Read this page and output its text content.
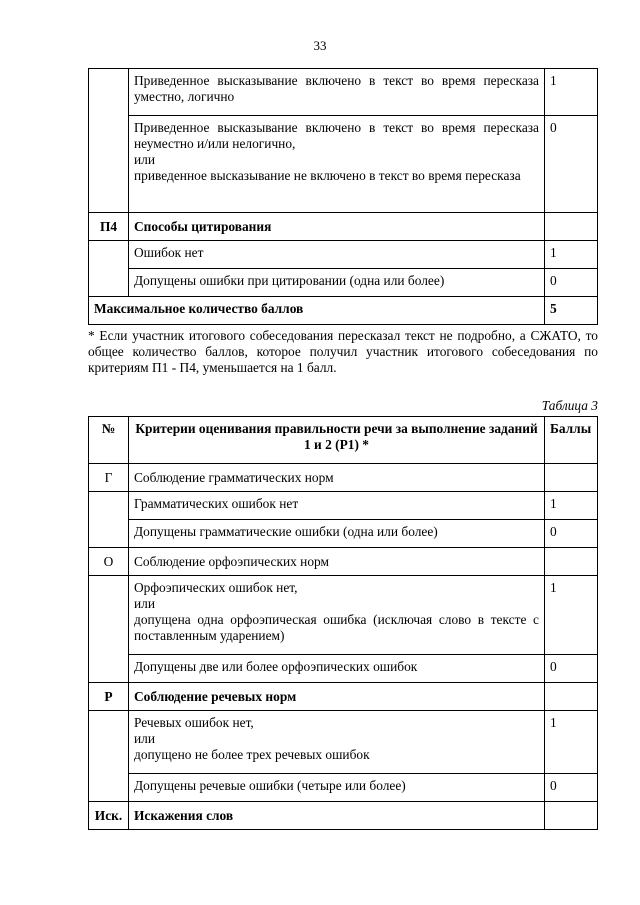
33
	Приведенное высказывание включено в текст во время пересказа уместно, логично	1
	Приведенное высказывание включено в текст во время пересказа неуместно и/или нелогично,
или
приведенное высказывание не включено в текст во время пересказа	0
П4	Способы цитирования	
	Ошибок нет	1
	Допущены ошибки при цитировании (одна или более)	0
Максимальное количество баллов		5
* Если участник итогового собеседования пересказал текст не подробно, а СЖАТО, то общее количество баллов, которое получил участник итогового собеседования по критериям П1 - П4, уменьшается на 1 балл.
Таблица 3
№	Критерии оценивания правильности речи за выполнение заданий 1 и 2 (Р1) *	Баллы
Г	Соблюдение грамматических норм	
	Грамматических ошибок нет	1
	Допущены грамматические ошибки (одна или более)	0
О	Соблюдение орфоэпических норм	
	Орфоэпических ошибок нет,
или
допущена одна орфоэпическая ошибка (исключая слово в тексте с поставленным ударением)	1
	Допущены две или более орфоэпических ошибок	0
Р	Соблюдение речевых норм	
	Речевых ошибок нет,
или
допущено не более трех речевых ошибок	1
	Допущены речевые ошибки (четыре или более)	0
Иск.	Искажения слов	
